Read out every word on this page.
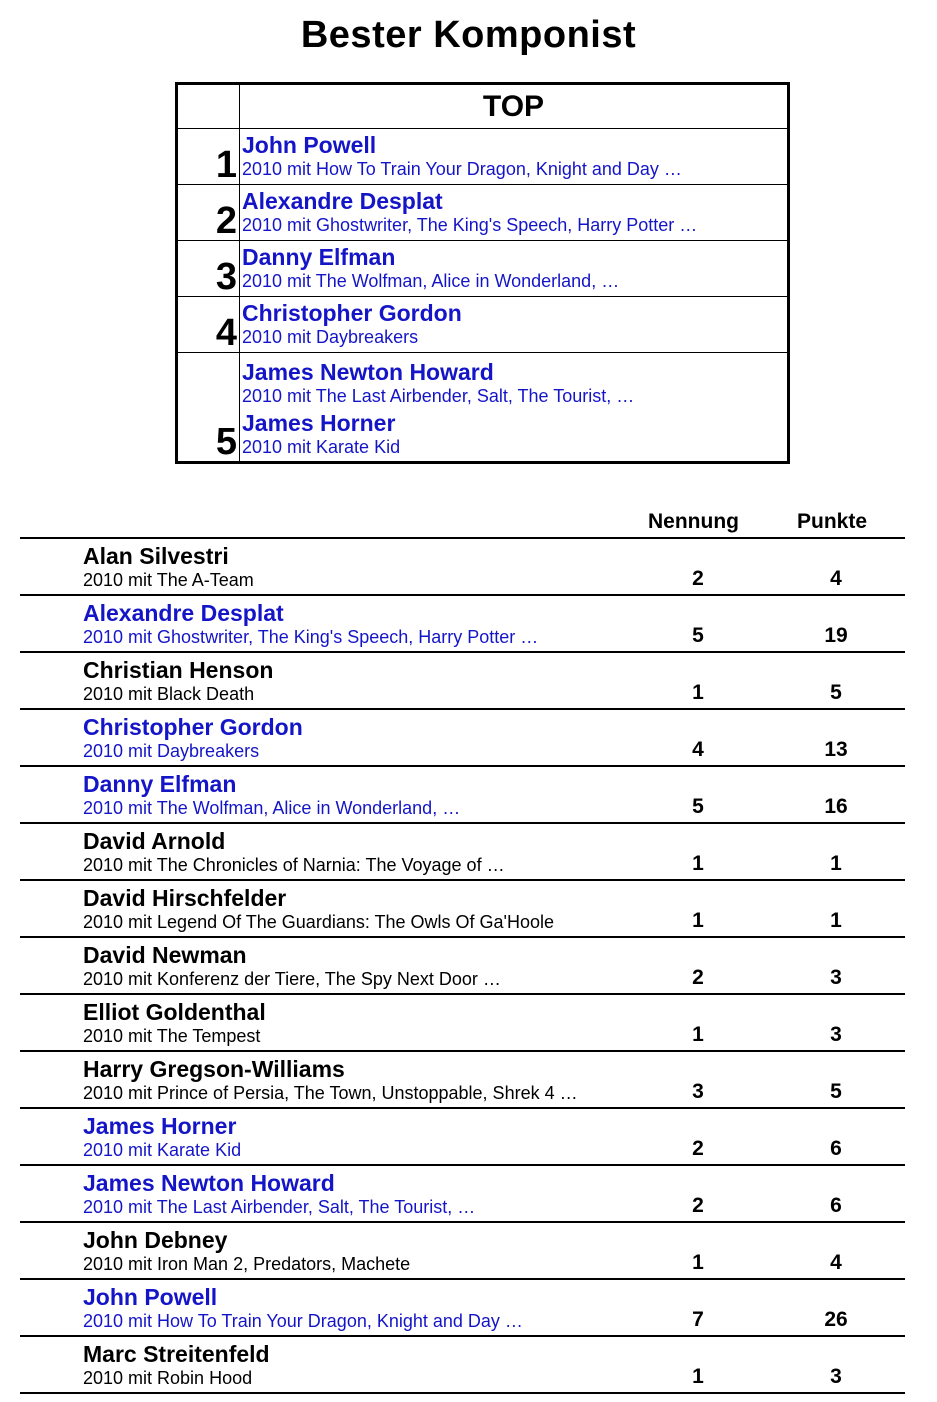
Bester Komponist
TOP
1 John Powell
2010 mit How To Train Your Dragon, Knight and Day …
2 Alexandre Desplat
2010 mit Ghostwriter, The King's Speech, Harry Potter …
3 Danny Elfman
2010 mit The Wolfman, Alice in Wonderland, …
4 Christopher Gordon
2010 mit Daybreakers
5
James Newton Howard
2010 mit The Last Airbender, Salt, The Tourist, …
James Horner
2010 mit Karate Kid
Nennung	Punkte
Alan Silvestri
2010 mit The A-Team	2	4
Alexandre Desplat
2010 mit Ghostwriter, The King's Speech, Harry Potter …	5	19
Christian Henson
2010 mit Black Death	1	5
Christopher Gordon
2010 mit Daybreakers	4	13
Danny Elfman
2010 mit The Wolfman, Alice in Wonderland, …	5	16
David Arnold
2010 mit The Chronicles of Narnia: The Voyage of …	1	1
David Hirschfelder
2010 mit Legend Of The Guardians: The Owls Of Ga'Hoole	1	1
David Newman
2010 mit Konferenz der Tiere, The Spy Next Door …	2	3
Elliot Goldenthal
2010 mit The Tempest	1	3
Harry Gregson-Williams
2010 mit Prince of Persia, The Town, Unstoppable, Shrek 4 …	3	5
James Horner
2010 mit Karate Kid	2	6
James Newton Howard
2010 mit The Last Airbender, Salt, The Tourist, …	2	6
John Debney
2010 mit Iron Man 2, Predators, Machete	1	4
John Powell
2010 mit How To Train Your Dragon, Knight and Day …	7	26
Marc Streitenfeld
2010 mit Robin Hood	1	3
